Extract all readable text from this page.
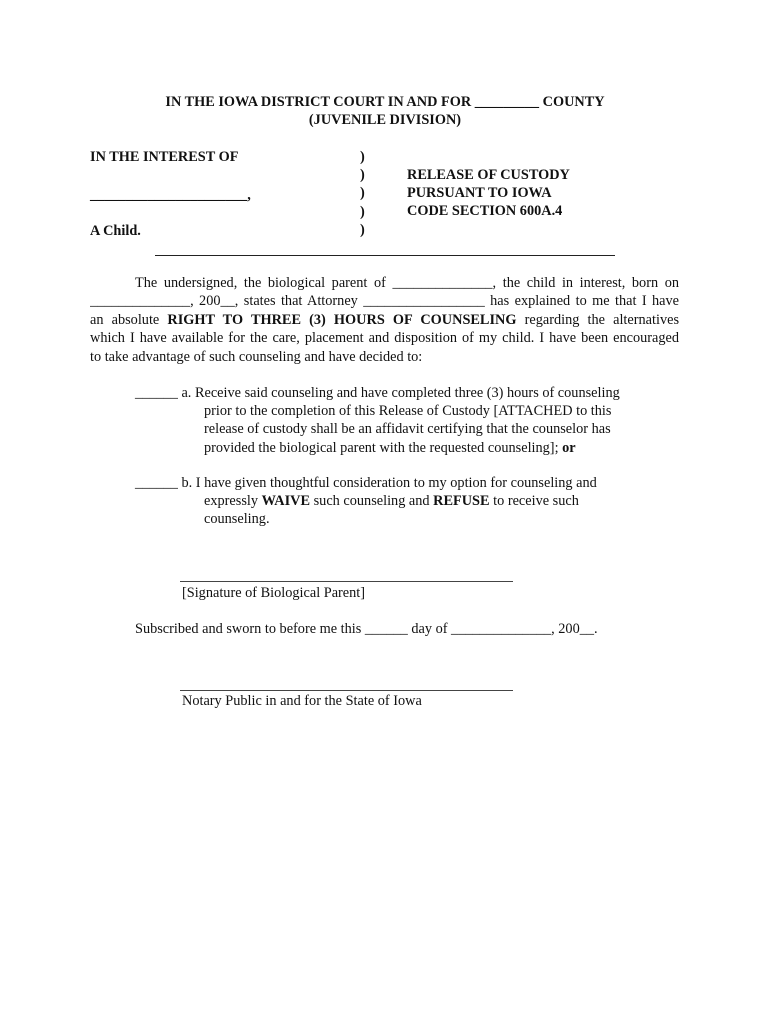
IN THE IOWA DISTRICT COURT IN AND FOR _________ COUNTY
(JUVENILE DIVISION)
IN THE INTEREST OF
______________________,
A Child.
)
)
)
)
)
RELEASE OF CUSTODY
PURSUANT TO IOWA
CODE SECTION 600A.4
The undersigned, the biological parent of ______________, the child in interest, born on
______________, 200__, states that Attorney _________________ has explained to me that I have
an absolute RIGHT TO THREE (3) HOURS OF COUNSELING regarding the alternatives
which I have available for the care, placement and disposition of my child. I have been encouraged
to take advantage of such counseling and have decided to:
______ a. Receive said counseling and have completed three (3) hours of counseling
prior to the completion of this Release of Custody [ATTACHED to this
release of custody shall be an affidavit certifying that the counselor has
provided the biological parent with the requested counseling]; or
______ b. I have given thoughtful consideration to my option for counseling and
expressly WAIVE such counseling and REFUSE to receive such
counseling.
[Signature of Biological Parent]
Subscribed and sworn to before me this ______ day of ______________, 200__.
Notary Public in and for the State of Iowa
